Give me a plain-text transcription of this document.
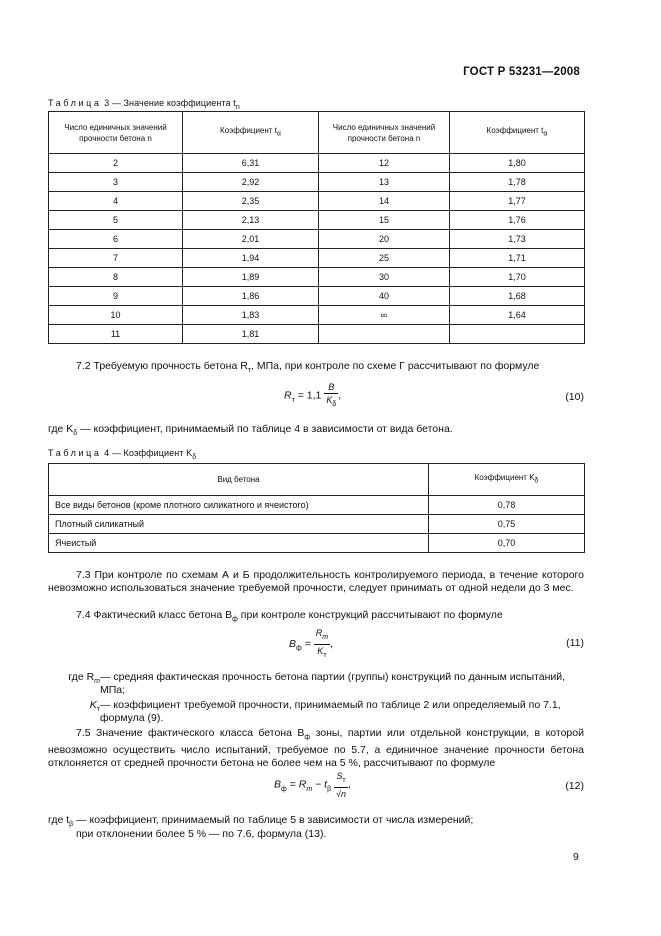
ГОСТ Р 53231—2008
Таблица 3 — Значение коэффициента $t_n$
Число единичных значений прочности бетона n	Коэффициент $t_\alpha$	Число единичных значений прочности бетона n	Коэффициент $t_\alpha$
2	6,31	12	1,80
3	2,92	13	1,78
4	2,35	14	1,77
5	2,13	15	1,76
6	2,01	20	1,73
7	1,94	25	1,71
8	1,89	30	1,70
9	1,86	40	1,68
10	1,83	∞	1,64
11	1,81		
7.2 Требуемую прочность бетона $R_т$, МПа, при контроле по схеме Г рассчитывают по формуле
$R_т = 1,1 \frac{B}{K_\delta}$ ,	(10)
где $K_\delta$ — коэффициент, принимаемый по таблице 4 в зависимости от вида бетона.
Таблица 4 — Коэффициент $K_\delta$
Вид бетона	Коэффициент $K_\delta$
Все виды бетонов (кроме плотного силикатного и ячеистого)	0,78
Плотный силикатный	0,75
Ячеистый	0,70
7.3 При контроле по схемам А и Б продолжительность контролируемого периода, в течение которого невозможно использоваться значение требуемой прочности, следует принимать от одной недели до 3 мес.
7.4 Фактический класс бетона $B_ф$ при контроле конструкций рассчитывают по формуле
$B_ф = \frac{R_m}{K_т}$ ,	(11)
где $R_m$ — средняя фактическая прочность бетона партии (группы) конструкций по данным испытаний, МПа;
$K_т$ — коэффициент требуемой прочности, принимаемый по таблице 2 или определяемый по 7.1, формула (9).
7.5 Значение фактического класса бетона $B_ф$ зоны, партии или отдельной конструкции, в которой невозможно осуществить число испытаний, требуемое по 5.7, а единичное значение прочности бетона отклоняется от средней прочности бетона не более чем на 5 %, рассчитывают по формуле
$B_ф = R_m - t_\beta \frac{S_т}{√n}$ ,	(12)
где $t_\beta$ — коэффициент, принимаемый по таблице 5 в зависимости от числа измерений;
при отклонении более 5 % — по 7.6, формула (13).
9
